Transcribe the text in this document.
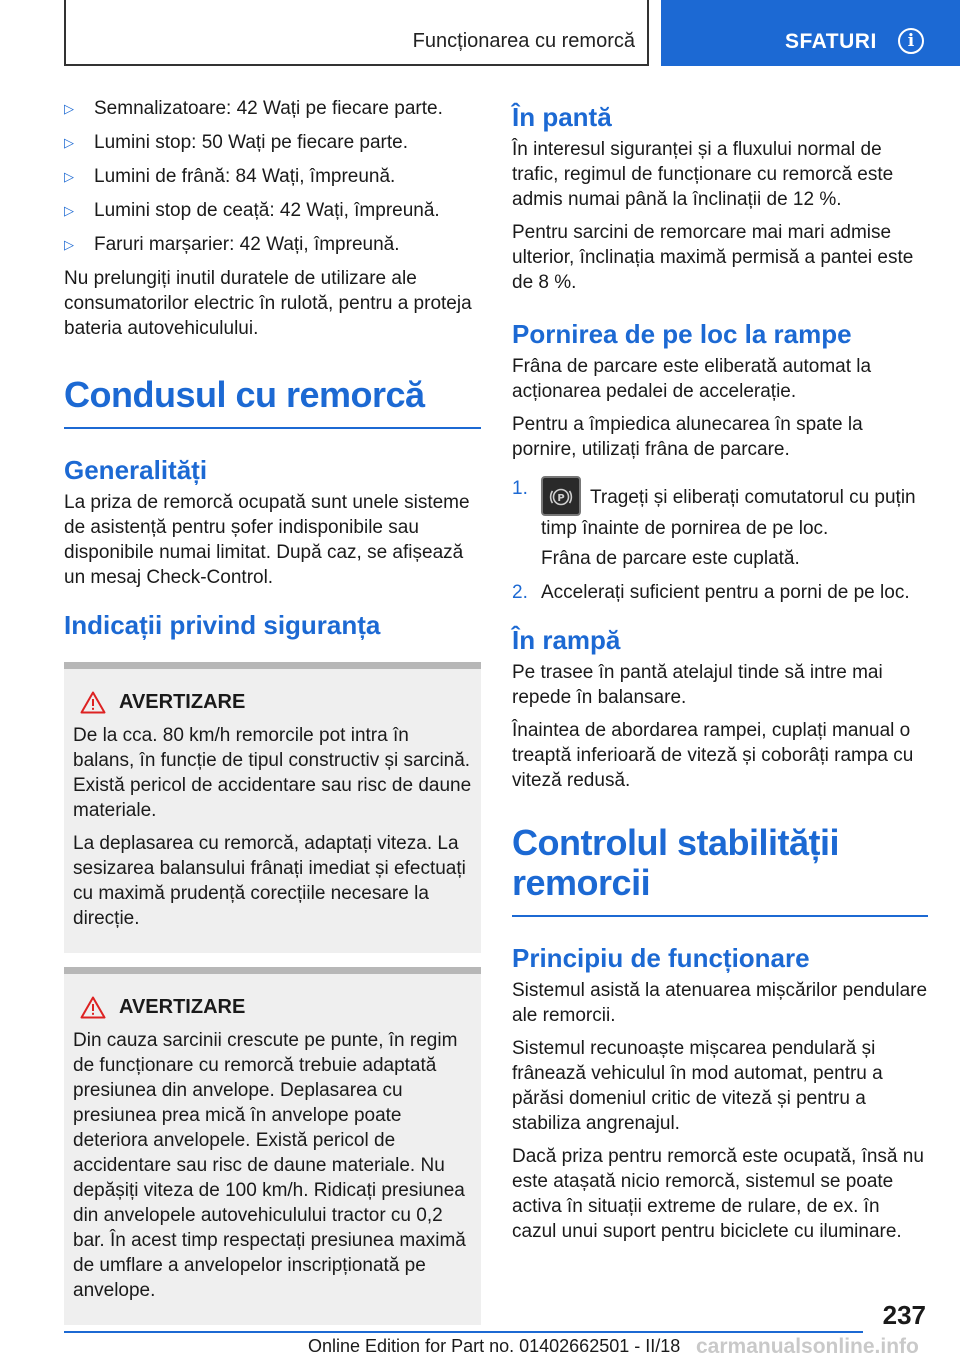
Funcționarea cu remorcă	SFATURI	i
▷ Semnalizatoare: 42 Wați pe fiecare parte.
▷ Lumini stop: 50 Wați pe fiecare parte.
▷ Lumini de frână: 84 Wați, împreună.
▷ Lumini stop de ceață: 42 Wați, împreună.
▷ Faruri marșarier: 42 Wați, împreună.

Nu prelungiți inutil duratele de utilizare ale consumatorilor electric în rulotă, pentru a proteja bateria autovehiculului.

Condusul cu remorcă
Generalități

La priza de remorcă ocupată sunt unele sisteme de asistență pentru șofer indisponibile sau disponibile numai limitat. După caz, se afișează un mesaj Check-Control.

Indicații privind siguranța
AVERTIZARE

De la cca. 80 km/h remorcile pot intra în balans, în funcție de tipul constructiv și sarcină. Există pericol de accidentare sau risc de daune materiale.

La deplasarea cu remorcă, adaptați viteza. La sesizarea balansului frânați imediat și efectuați cu maximă prudență corecțiile necesare la direcție.

AVERTIZARE

Din cauza sarcinii crescute pe punte, în regim de funcționare cu remorcă trebuie adaptată presiunea din anvelope. Deplasarea cu presiunea prea mică în anvelope poate deteriora anvelopele. Există pericol de accidentare sau risc de daune materiale. Nu depășiți viteza de 100 km/h. Ridicați presiunea din anvelopele autovehiculului tractor cu 0,2 bar. În acest timp respectați presiunea maximă de umflare a anvelopelor inscripționată pe anvelope.

În pantă

În interesul siguranței și a fluxului normal de trafic, regimul de funcționare cu remorcă este admis numai până la înclinații de 12 %.

Pentru sarcini de remorcare mai mari admise ulterior, înclinația maximă permisă a pantei este de 8 %.

Pornirea de pe loc la rampe

Frâna de parcare este eliberată automat la acționarea pedalei de accelerație.

Pentru a împiedica alunecarea în spate la pornire, utilizați frâna de parcare.

1.	P Trageți și eliberați comutatorul cu puțin timp înainte de pornirea de pe loc.

Frâna de parcare este cuplată.

2. Accelerați suficient pentru a porni de pe loc.
În rampă

Pe trasee în pantă atelajul tinde să intre mai repede în balansare.

Înaintea de abordarea rampei, cuplați manual o treaptă inferioară de viteză și coborâți rampa cu viteză redusă.

Controlul stabilității remorcii
Principiu de funcționare

Sistemul asistă la atenuarea mișcărilor pendulare ale remorcii.

Sistemul recunoaște mișcarea pendulară și frânează vehiculul în mod automat, pentru a părăsi domeniul critic de viteză și pentru a stabiliza angrenajul.

Dacă priza pentru remorcă este ocupată, însă nu este atașată nicio remorcă, sistemul se poate activa în situații extreme de rulare, de ex. în cazul unui suport pentru biciclete cu iluminare.

237
Online Edition for Part no. 01402662501 - II/18 carmanualsonline.info
